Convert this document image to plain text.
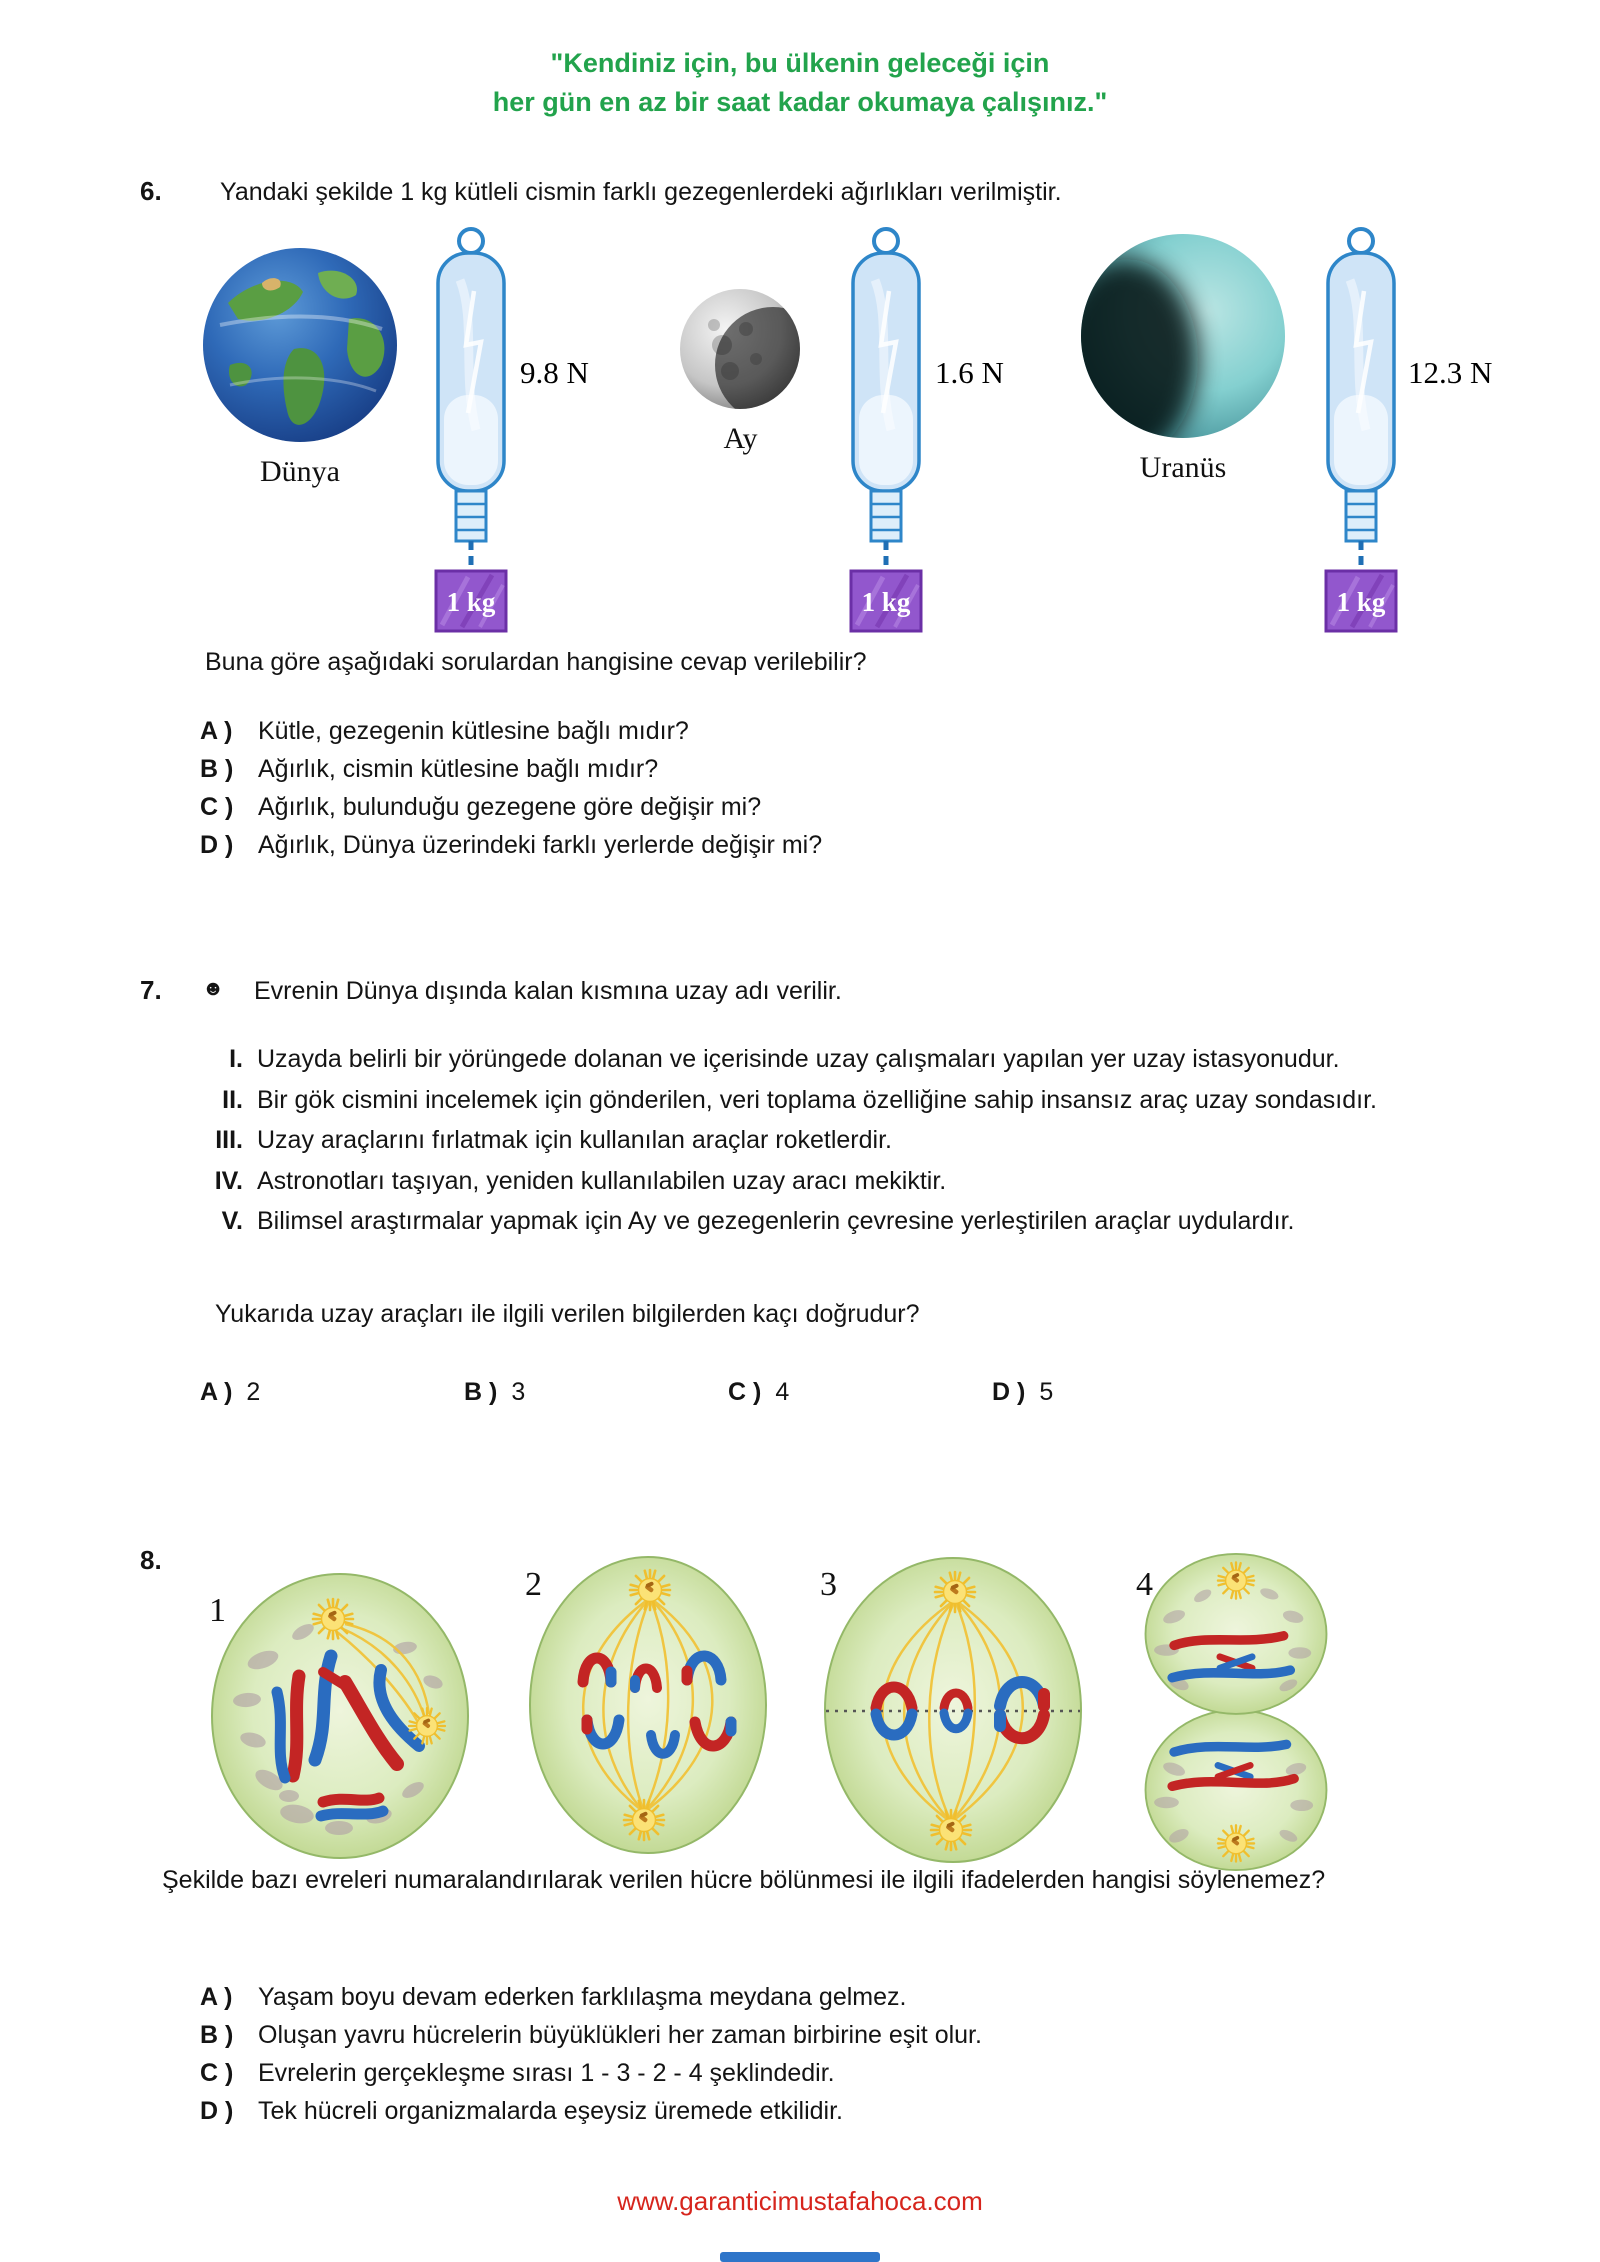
"Kendiniz için, bu ülkenin geleceği için
her gün en az bir saat kadar okumaya çalışınız."
6.	Yandaki şekilde 1 kg kütleli cismin farklı gezegenlerdeki ağırlıkları verilmiştir.
Dünya
1 kg
9.8 N
Ay
1 kg
1.6 N
Uranüs
1 kg
12.3 N
Buna göre aşağıdaki sorulardan hangisine cevap verilebilir?
A )	Kütle, gezegenin kütlesine bağlı mıdır?
B ) Ağırlık, cismin kütlesine bağlı mıdır?
C ) Ağırlık, bulunduğu gezegene göre değişir mi?
D ) Ağırlık, Dünya üzerindeki farklı yerlerde değişir mi?
7.	☻	Evrenin Dünya dışında kalan kısmına uzay adı verilir.
I. Uzayda belirli bir yörüngede dolanan ve içerisinde uzay çalışmaları yapılan yer uzay istasyonudur.
II. Bir gök cismini incelemek için gönderilen, veri toplama özelliğine sahip insansız araç uzay sondasıdır.
III. Uzay araçlarını fırlatmak için kullanılan araçlar roketlerdir.
IV. Astronotları taşıyan, yeniden kullanılabilen uzay aracı mekiktir.
V. Bilimsel araştırmalar yapmak için Ay ve gezegenlerin çevresine yerleştirilen araçlar uydulardır.
Yukarıda uzay araçları ile ilgili verilen bilgilerden kaçı doğrudur?
A ) 2	B ) 3	C ) 4	D ) 5
8.
1
2	3	4
Şekilde bazı evreleri numaralandırılarak verilen hücre bölünmesi ile ilgili ifadelerden hangisi söylenemez?
A )	Yaşam boyu devam ederken farklılaşma meydana gelmez.
B ) Oluşan yavru hücrelerin büyüklükleri her zaman birbirine eşit olur.
C ) Evrelerin gerçekleşme sırası 1 - 3 - 2 - 4 şeklindedir.
D ) Tek hücreli organizmalarda eşeysiz üremede etkilidir.
www.garanticimustafahoca.com
